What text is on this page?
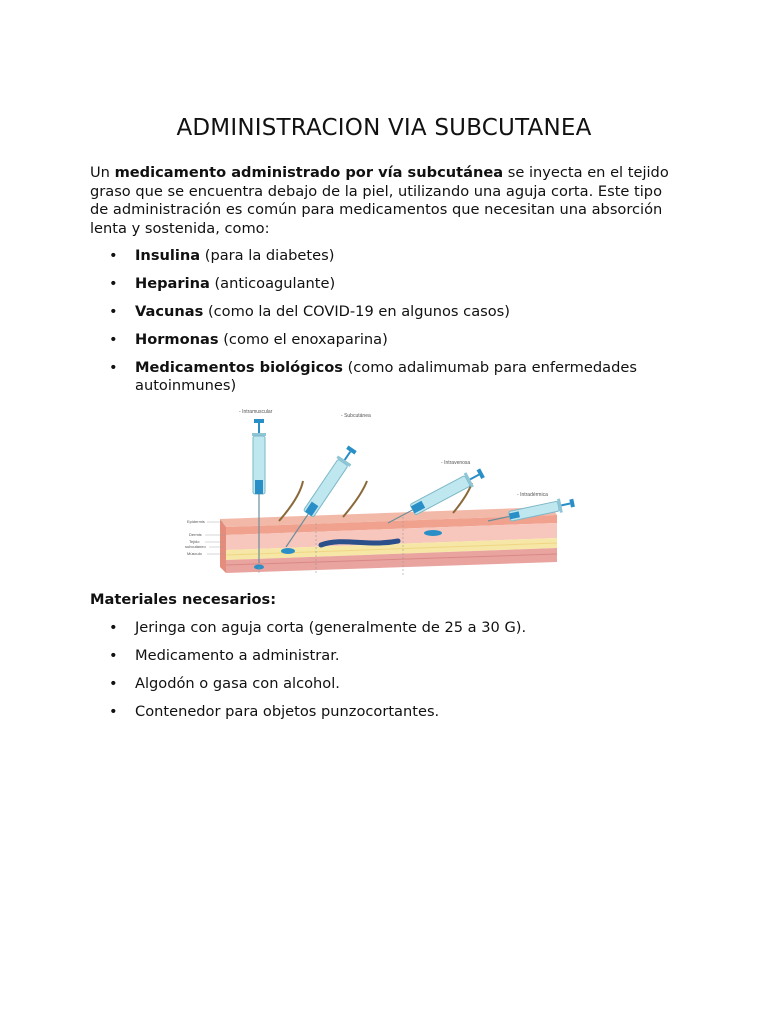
ADMINISTRACION VIA SUBCUTANEA

Un medicamento administrado por vía subcutánea se inyecta en el tejido graso que se encuentra debajo de la piel, utilizando una aguja corta. Este tipo de administración es común para medicamentos que necesitan una absorción lenta y sostenida, como:

• Insulina (para la diabetes)
• Heparina (anticoagulante)
• Vacunas (como la del COVID-19 en algunos casos)
• Hormonas (como el enoxaparina)
• Medicamentos biológicos (como adalimumab para enfermedades autoinmunes)
- Intramuscular
- Subcutánea
- Intravenosa
- Intradérmica
Epidermis
Dermis
Tejido
subcutáneo
Músculo

Materiales necesarios:

• Jeringa con aguja corta (generalmente de 25 a 30 G).
• Medicamento a administrar.
• Algodón o gasa con alcohol.
• Contenedor para objetos punzocortantes.
